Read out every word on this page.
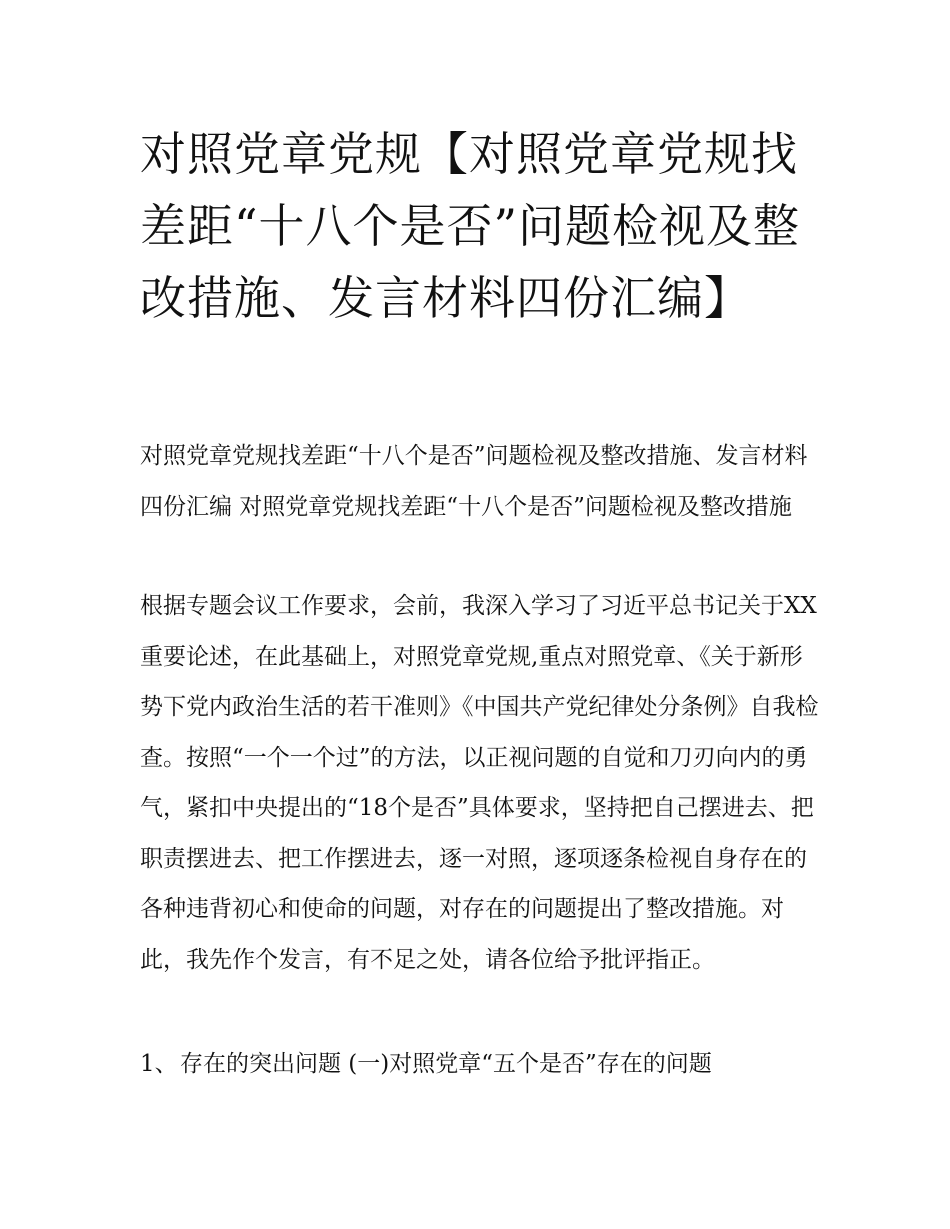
对照党章党规【对照党章党规找差距“十八个是否”问题检视及整改措施、发言材料四份汇编】

对照党章党规找差距“十八个是否”问题检视及整改措施、发言材料四份汇编 对照党章党规找差距“十八个是否”问题检视及整改措施

根据专题会议工作要求，会前，我深入学习了习近平总书记关于XX重要论述，在此基础上，对照党章党规,重点对照党章、《关于新形势下党内政治生活的若干准则》《中国共产党纪律处分条例》自我检查。按照“一个一个过”的方法，以正视问题的自觉和刀刃向内的勇气，紧扣中央提出的“18个是否”具体要求，坚持把自己摆进去、把职责摆进去、把工作摆进去，逐一对照，逐项逐条检视自身存在的各种违背初心和使命的问题，对存在的问题提出了整改措施。对此，我先作个发言，有不足之处，请各位给予批评指正。

1、 存在的突出问题 (一)对照党章“五个是否”存在的问题
